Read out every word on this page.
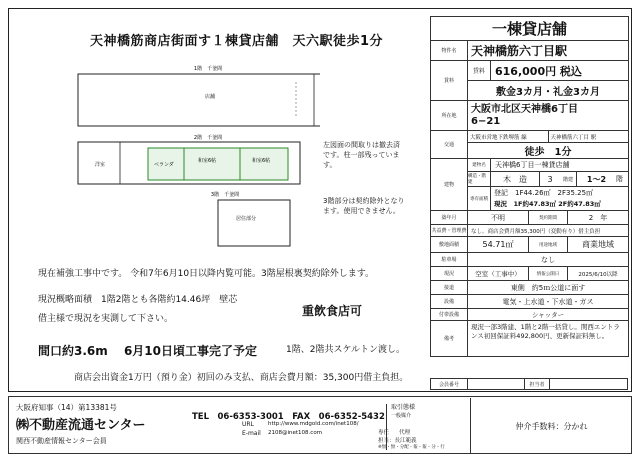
天神橋筋商店街面す１棟貸店舗　天六駅徒歩1分
1階　千釜間
店舗
洋室	ベランダ
和室6帖	和室6帖
2階　千釜間
3階　千釜間
居住部分
左図面の間取りは撤去済です。柱一部残っています。
3階部分は契約除外となります。使用できません。
現在補強工事中です。 令和7年6月10日以降内覧可能。3階屋根裏契約除外します。
現況概略面積　1階2階とも各階約14.46坪　壁芯
重飲食店可
借主様で現況を実測して下さい。
間口約3.6m　 6月10日頃工事完了予定	1階、2階共スケルトン渡し。
商店会出資金1万円（預り金）初回のみ支払、商店会費月額：35,300円借主負担。
一棟貸店舗
物件名	天神橋筋六丁目駅
賃料
賃料 616,000円 税込
敷金3カ月・礼金3カ月
所在地
大阪市北区天神橋6丁目
6−21
交通
大阪市営地下鉄堺筋 線	天神橋筋六丁目 駅
徒歩　1分
建物
建物名	天神橋6丁目一棟貸店舗
構造・階建	木　造	3	階建	1〜2	階
専有面積
登記　1F44.26㎡　2F35.25㎡
現況　1F約47.83㎡ 2F約47.83㎡
築年月	不明	契約期間	2　年
共益費・管理費 なし。商店会費月額35,300円（変動有り）借主負担
敷地面積	54.71㎡	用途地域	商業地域
駐車場	なし
現況	空室（工事中）	情報公開日	2025/6/10以降
接道	東側　約5ｍ公道に面す
設備	電気・上水道・下水道・ガス
付帯設備	シャッター
備考
現況一部3階建、1階と2階一括貸し。関西エントランス初回保証料492,800円、更新保証料無し。
会員番号	担当者
大阪府知事（14）第13381号
㈱不動産流通センター
関西不動産情報センター会員
TEL　06-6353-3001　FAX　06-6352-5432
URL	http://www.mdgold.com/inet108/
E-mail 2108@inet108.com
取引態様
一般媒介
専任 代理
担当：長江範義
※無・無・分配・報・報・分・行
仲介手数料：分かれ
